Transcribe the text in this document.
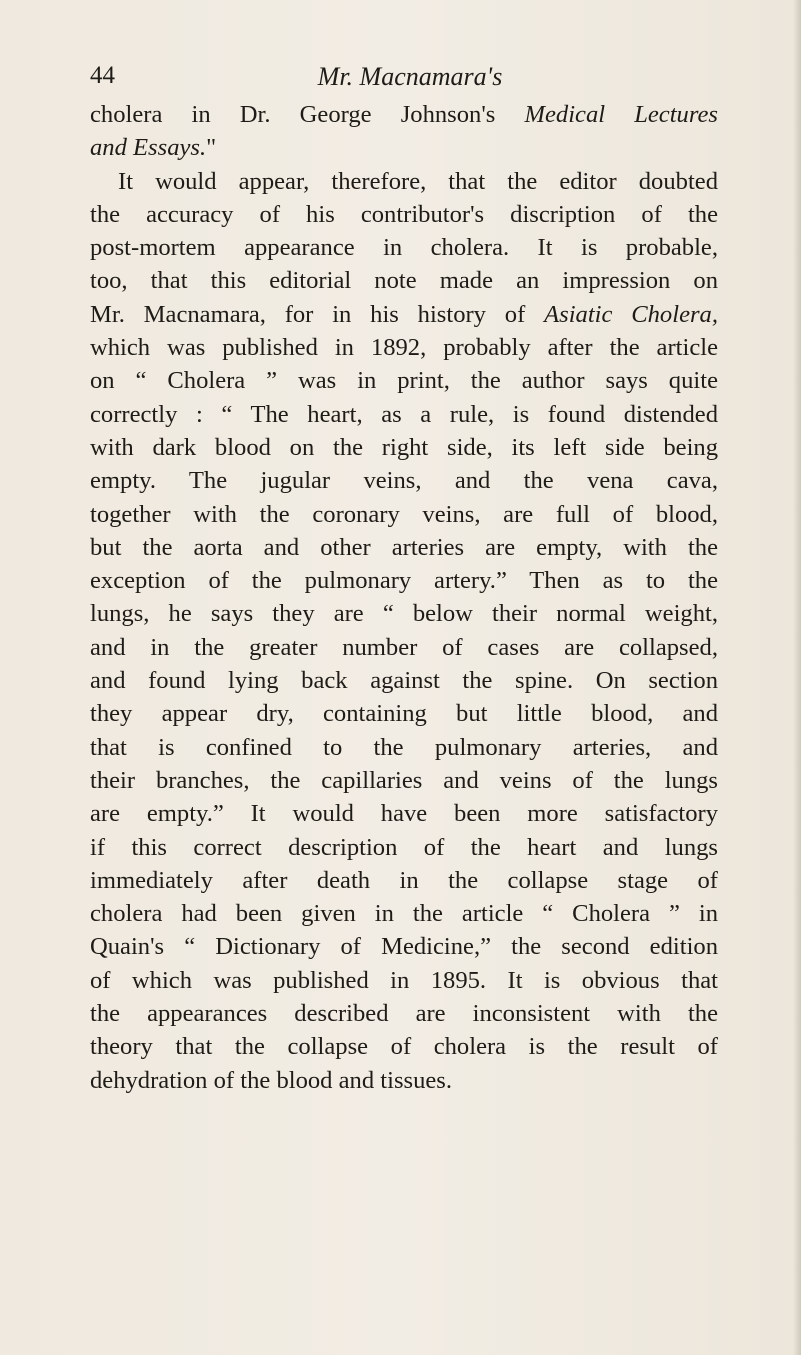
44	Mr. Macnamara's
cholera in Dr. George Johnson's Medical Lectures
and Essays."
It would appear, therefore, that the editor doubted
the accuracy of his contributor's discription of the
post-mortem appearance in cholera. It is probable,
too, that this editorial note made an impression on
Mr. Macnamara, for in his history of Asiatic Cholera,
which was published in 1892, probably after the article
on “ Cholera ” was in print, the author says quite
correctly : “ The heart, as a rule, is found distended
with dark blood on the right side, its left side being
empty. The jugular veins, and the vena cava,
together with the coronary veins, are full of blood,
but the aorta and other arteries are empty, with the
exception of the pulmonary artery.” Then as to the
lungs, he says they are “ below their normal weight,
and in the greater number of cases are collapsed,
and found lying back against the spine. On section
they appear dry, containing but little blood, and
that is confined to the pulmonary arteries, and
their branches, the capillaries and veins of the lungs
are empty.” It would have been more satisfactory
if this correct description of the heart and lungs
immediately after death in the collapse stage of
cholera had been given in the article “ Cholera ” in
Quain's “ Dictionary of Medicine,” the second edition
of which was published in 1895. It is obvious that
the appearances described are inconsistent with the
theory that the collapse of cholera is the result of
dehydration of the blood and tissues.
